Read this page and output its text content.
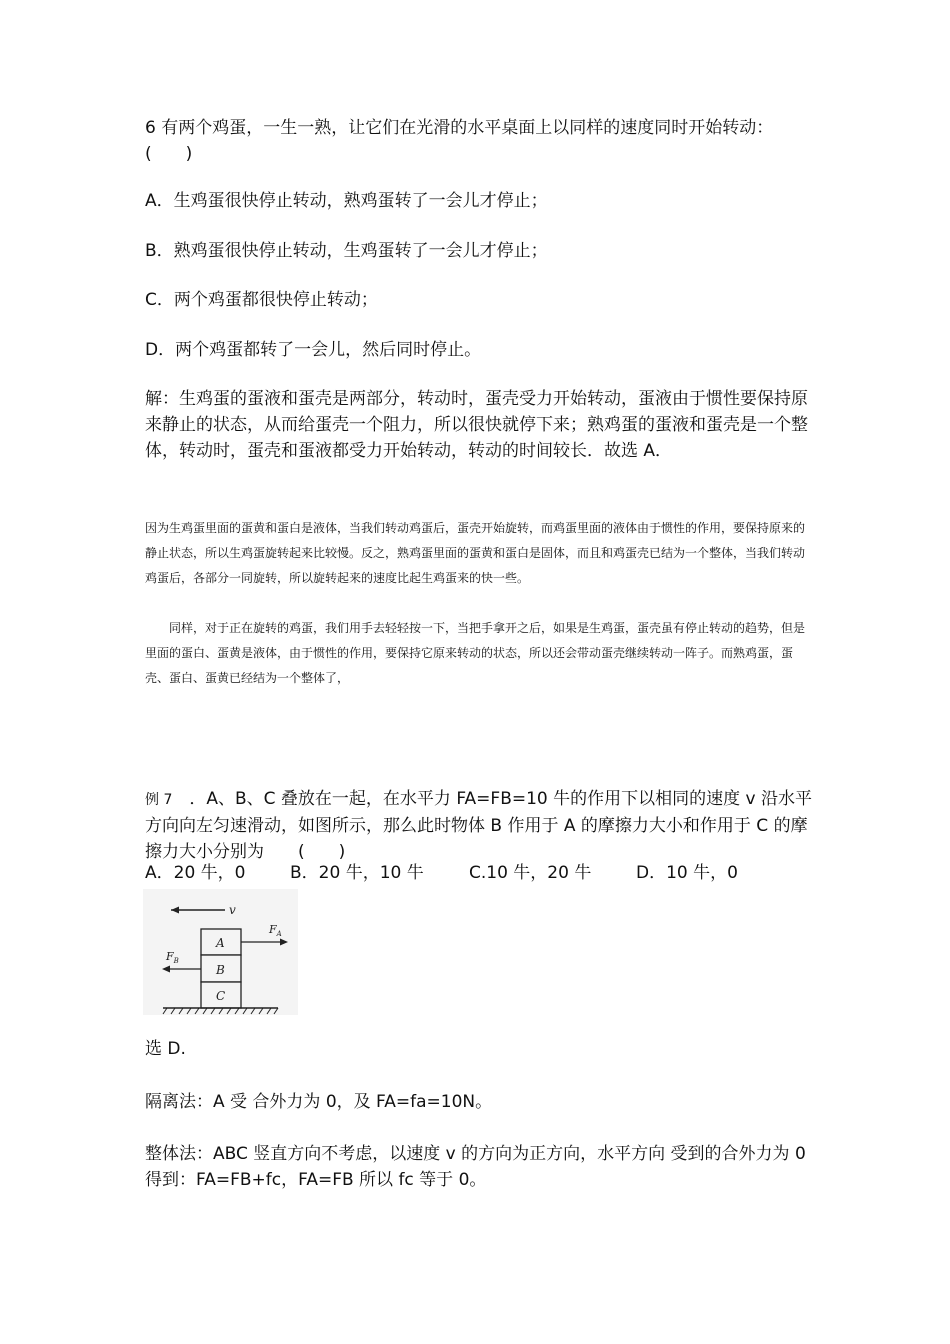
6 有两个鸡蛋，一生一熟，让它们在光滑的水平桌面上以同样的速度同时开始转动：(　　)

A．生鸡蛋很快停止转动，熟鸡蛋转了一会儿才停止；

B．熟鸡蛋很快停止转动，生鸡蛋转了一会儿才停止；

C．两个鸡蛋都很快停止转动；

D．两个鸡蛋都转了一会儿，然后同时停止。

解：生鸡蛋的蛋液和蛋壳是两部分，转动时，蛋壳受力开始转动，蛋液由于惯性要保持原来静止的状态，从而给蛋壳一个阻力，所以很快就停下来；熟鸡蛋的蛋液和蛋壳是一个整体，转动时，蛋壳和蛋液都受力开始转动，转动的时间较长．故选 A．

因为生鸡蛋里面的蛋黄和蛋白是液体，当我们转动鸡蛋后，蛋壳开始旋转，而鸡蛋里面的液体由于惯性的作用，要保持原来的静止状态，所以生鸡蛋旋转起来比较慢。反之，熟鸡蛋里面的蛋黄和蛋白是固体，而且和鸡蛋壳已结为一个整体，当我们转动鸡蛋后，各部分一同旋转，所以旋转起来的速度比起生鸡蛋来的快一些。

同样，对于正在旋转的鸡蛋，我们用手去轻轻按一下，当把手拿开之后，如果是生鸡蛋，蛋壳虽有停止转动的趋势，但是里面的蛋白、蛋黄是液体，由于惯性的作用，要保持它原来转动的状态，所以还会带动蛋壳继续转动一阵子。而熟鸡蛋，蛋壳、蛋白、蛋黄已经结为一个整体了，

例 7　 ．A、B、C 叠放在一起，在水平力 FA=FB=10 牛的作用下以相同的速度 v 沿水平方向向左匀速滑动，如图所示，那么此时物体 B 作用于 A 的摩擦力大小和作用于 C 的摩擦力大小分别为　　(　　)

A．20 牛，0	B．20 牛，10 牛	C.10 牛，20 牛	D．10 牛，0
v
A
B
C
$F_A$
$F_B$

选 D.

隔离法：A 受 合外力为 0，及 FA=fa=10N。

整体法：ABC 竖直方向不考虑，以速度 v 的方向为正方向，水平方向 受到的合外力为 0 得到：FA=FB+fc，FA=FB 所以 fc 等于 0。
